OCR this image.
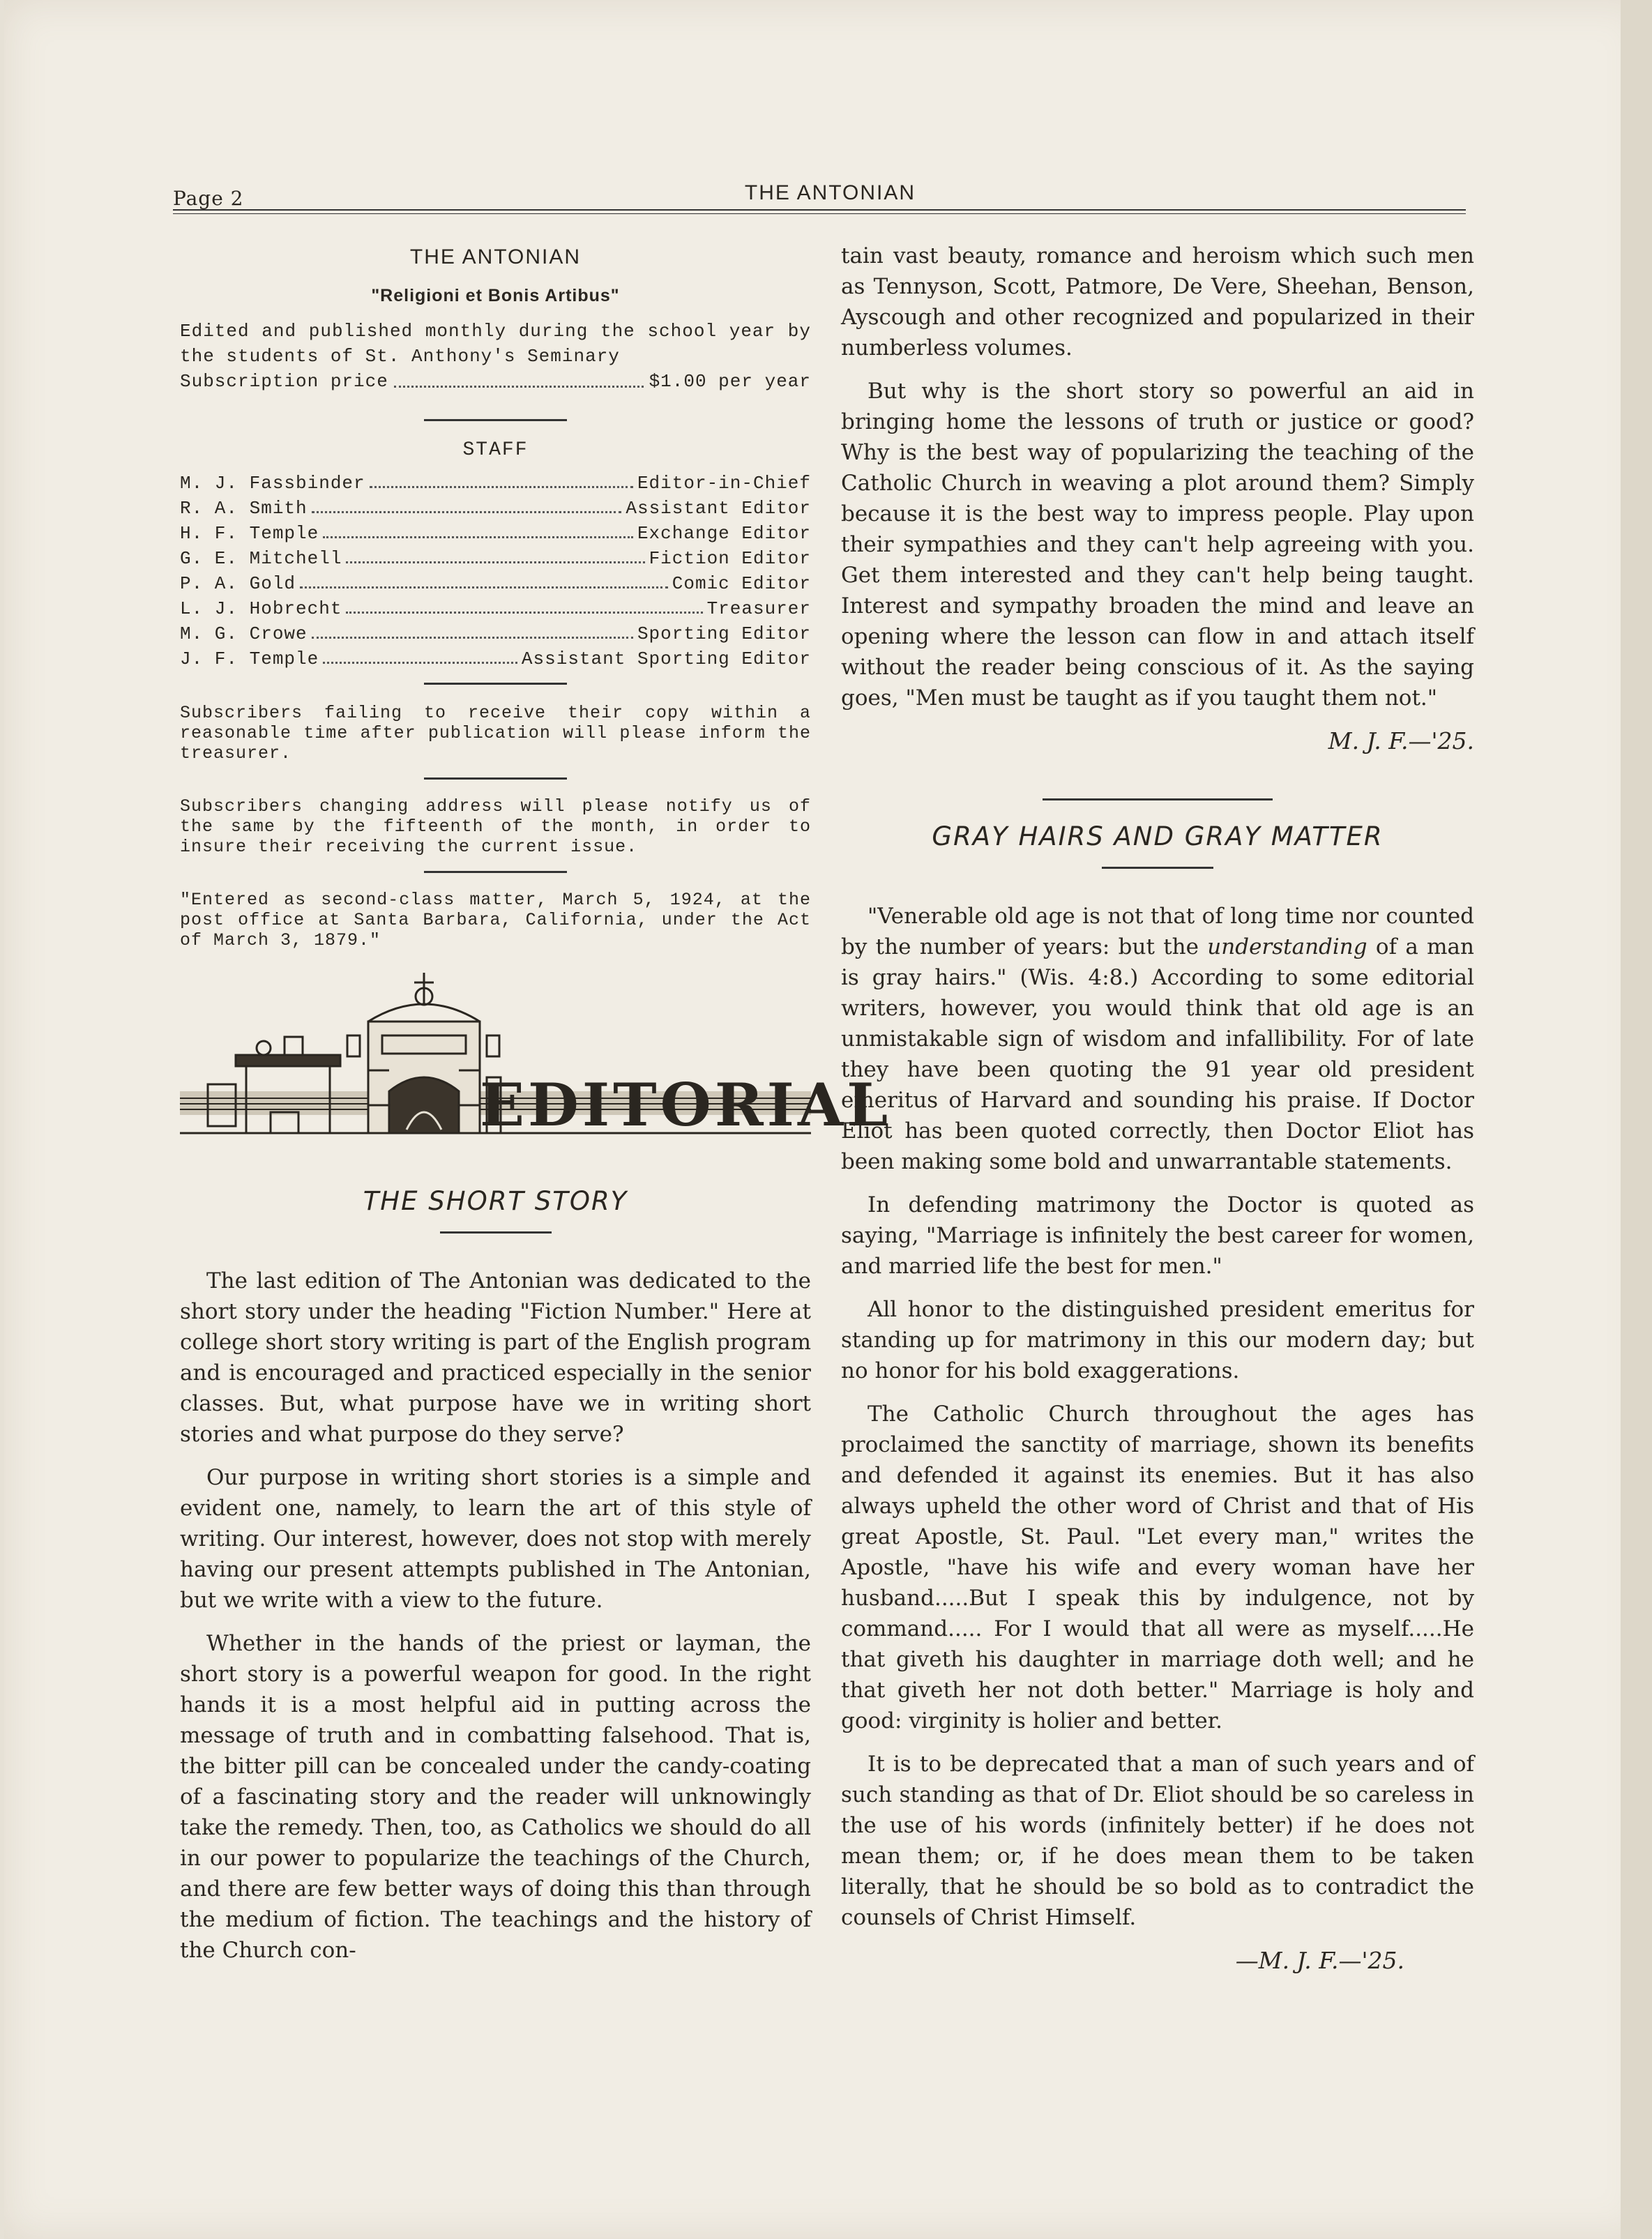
Page 2	THE ANTONIAN
THE ANTONIAN
"Religioni et Bonis Artibus"
Edited and published monthly during the school year by the students of St. Anthony's Seminary
Subscription price	$1.00 per year
STAFF
M. J. Fassbinder	Editor-in-Chief
R. A. Smith	Assistant Editor
H. F. Temple	Exchange Editor
G. E. Mitchell	Fiction Editor
P. A. Gold	Comic Editor
L. J. Hobrecht	Treasurer
M. G. Crowe	Sporting Editor
J. F. Temple	Assistant Sporting Editor
Subscribers failing to receive their copy within a reasonable time after publication will please inform the treasurer.
Subscribers changing address will please notify us of the same by the fifteenth of the month, in order to insure their receiving the current issue.
"Entered as second-class matter, March 5, 1924, at the post office at Santa Barbara, California, under the Act of March 3, 1879."
EDITORIAL
THE SHORT STORY

The last edition of The Antonian was dedicated to the short story under the heading "Fiction Number." Here at college short story writing is part of the English program and is encouraged and practiced especially in the senior classes. But, what purpose have we in writing short stories and what purpose do they serve?

Our purpose in writing short stories is a simple and evident one, namely, to learn the art of this style of writing. Our interest, however, does not stop with merely having our present attempts published in The Antonian, but we write with a view to the future.

Whether in the hands of the priest or layman, the short story is a powerful weapon for good. In the right hands it is a most helpful aid in putting across the message of truth and in combatting falsehood. That is, the bitter pill can be concealed under the candy-coating of a fascinating story and the reader will unknowingly take the remedy. Then, too, as Catholics we should do all in our power to popularize the teachings of the Church, and there are few better ways of doing this than through the medium of fiction. The teachings and the history of the Church con-

tain vast beauty, romance and heroism which such men as Tennyson, Scott, Patmore, De Vere, Sheehan, Benson, Ayscough and other recognized and popularized in their numberless volumes.

But why is the short story so powerful an aid in bringing home the lessons of truth or justice or good? Why is the best way of popularizing the teaching of the Catholic Church in weaving a plot around them? Simply because it is the best way to impress people. Play upon their sympathies and they can't help agreeing with you. Get them interested and they can't help being taught. Interest and sympathy broaden the mind and leave an opening where the lesson can flow in and attach itself without the reader being conscious of it. As the saying goes, "Men must be taught as if you taught them not."

M. J. F.—'25.
GRAY HAIRS AND GRAY MATTER

"Venerable old age is not that of long time nor counted by the number of years: but the understanding of a man is gray hairs." (Wis. 4:8.) According to some editorial writers, however, you would think that old age is an unmistakable sign of wisdom and infallibility. For of late they have been quoting the 91 year old president emeritus of Harvard and sounding his praise. If Doctor Eliot has been quoted correctly, then Doctor Eliot has been making some bold and unwarrantable statements.

In defending matrimony the Doctor is quoted as saying, "Marriage is infinitely the best career for women, and married life the best for men."

All honor to the distinguished president emeritus for standing up for matrimony in this our modern day; but no honor for his bold exaggerations.

The Catholic Church throughout the ages has proclaimed the sanctity of marriage, shown its benefits and defended it against its enemies. But it has also always upheld the other word of Christ and that of His great Apostle, St. Paul. "Let every man," writes the Apostle, "have his wife and every woman have her husband.....But I speak this by indulgence, not by command..... For I would that all were as myself.....He that giveth his daughter in marriage doth well; and he that giveth her not doth better." Marriage is holy and good: virginity is holier and better.

It is to be deprecated that a man of such years and of such standing as that of Dr. Eliot should be so careless in the use of his words (infinitely better) if he does not mean them; or, if he does mean them to be taken literally, that he should be so bold as to contradict the counsels of Christ Himself.

—M. J. F.—'25.
